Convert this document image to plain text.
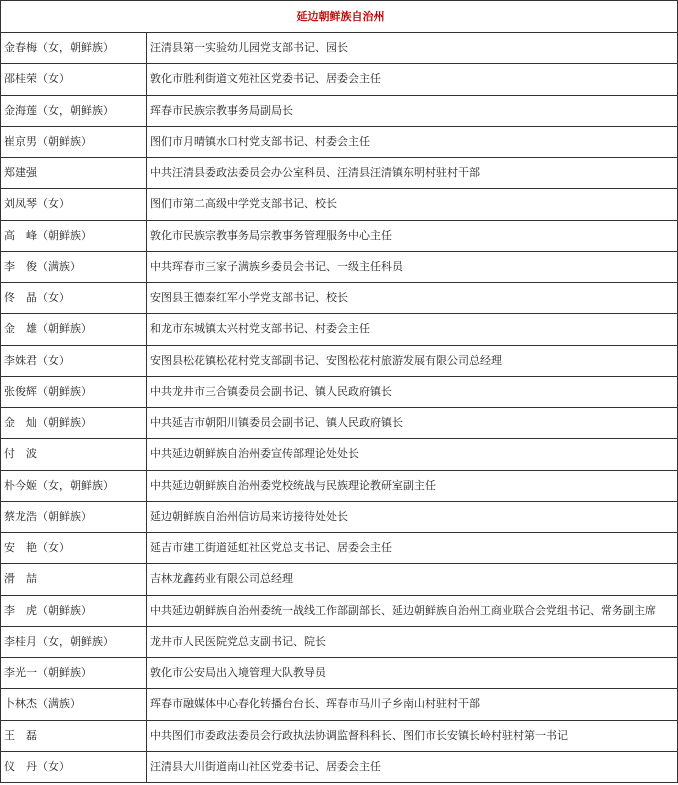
延边朝鲜族自治州	
金春梅（女，朝鲜族）	汪清县第一实验幼儿园党支部书记、园长
邵桂荣（女）	敦化市胜利街道文苑社区党委书记、居委会主任
金海莲（女，朝鲜族）	珲春市民族宗教事务局副局长
崔京男（朝鲜族）	图们市月晴镇水口村党支部书记、村委会主任
郑建强	中共汪清县委政法委员会办公室科员、汪清县汪清镇东明村驻村干部
刘凤琴（女）	图们市第二高级中学党支部书记、校长
高　峰（朝鲜族）	敦化市民族宗教事务局宗教事务管理服务中心主任
李　俊（满族）	中共珲春市三家子满族乡委员会书记、一级主任科员
佟　晶（女）	安图县王德泰红军小学党支部书记、校长
金　雄（朝鲜族）	和龙市东城镇太兴村党支部书记、村委会主任
李姝君（女）	安图县松花镇松花村党支部副书记、安图松花村旅游发展有限公司总经理
张俊辉（朝鲜族）	中共龙井市三合镇委员会副书记、镇人民政府镇长
金　灿（朝鲜族）	中共延吉市朝阳川镇委员会副书记、镇人民政府镇长
付　波	中共延边朝鲜族自治州委宣传部理论处处长
朴今姬（女，朝鲜族）	中共延边朝鲜族自治州委党校统战与民族理论教研室副主任
蔡龙浩（朝鲜族）	延边朝鲜族自治州信访局来访接待处处长
安　艳（女）	延吉市建工街道延虹社区党总支书记、居委会主任
滑　喆	吉林龙鑫药业有限公司总经理
李　虎（朝鲜族）	中共延边朝鲜族自治州委统一战线工作部副部长、延边朝鲜族自治州工商业联合会党组书记、常务副主席
李桂月（女，朝鲜族）	龙井市人民医院党总支副书记、院长
李光一（朝鲜族）	敦化市公安局出入境管理大队教导员
卜林杰（满族）	珲春市融媒体中心春化转播台台长、珲春市马川子乡南山村驻村干部
王　磊	中共图们市委政法委员会行政执法协调监督科科长、图们市长安镇长岭村驻村第一书记
仪　丹（女）	汪清县大川街道南山社区党委书记、居委会主任
